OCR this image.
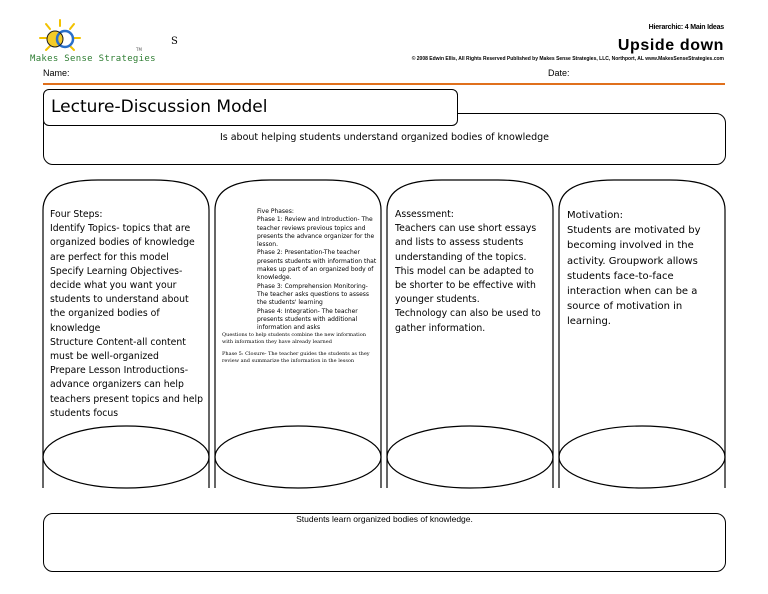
TM
Makes Sense Strategies
S
Hierarchic: 4 Main Ideas
Upside down
© 2008 Edwin Ellis, All Rights Reserved Published by Makes Sense Strategies, LLC, Northport, AL www.MakesSenseStrategies.com
Name:	Date:
Is about helping students understand organized bodies of knowledge
Lecture-Discussion Model
Four Steps:
Identify Topics- topics that are organized bodies of knowledge are perfect for this model
Specify Learning Objectives- decide what you want your students to understand about the organized bodies of knowledge
Structure Content-all content must be well-organized
Prepare Lesson Introductions- advance organizers can help teachers present topics and help students focus
Five Phases:
Phase 1: Review and Introduction- The teacher reviews previous topics and presents the advance organizer for the lesson.
Phase 2: Presentation-The teacher presents students with information that makes up part of an organized body of knowledge.
Phase 3: Comprehension Monitoring- The teacher asks questions to assess the students' learning
Phase 4: Integration- The teacher presents students with additional information and asks
Questions to help students combine the new information with information they have already learned
Phase 5: Closure- The teacher guides the students as they review and summarize the information in the lesson
Assessment:
Teachers can use short essays and lists to assess students understanding of the topics.
This model can be adapted to be shorter to be effective with younger students.
Technology can also be used to gather information.
Motivation:
Students are motivated by becoming involved in the activity. Groupwork allows students face-to-face interaction when can be a source of motivation in learning.
Students learn organized bodies of knowledge.
